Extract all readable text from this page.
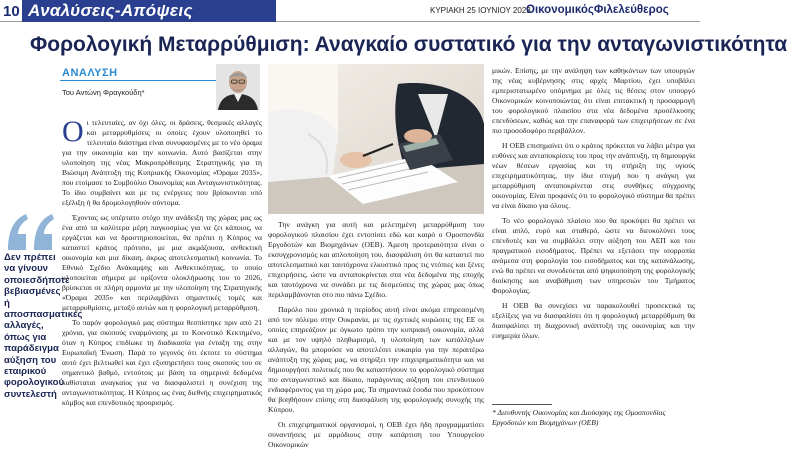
10 Αναλύσεις-Απόψεις	ΚΥΡΙΑΚΗ 25 ΙΟΥΝΙΟΥ 2023
ΟικονομικόςΦιλελεύθερος
Φορολογική Μεταρρύθμιση: Αναγκαίο συστατικό για την ανταγωνιστικότητα
ΑΝΑΛΥΣΗ
Του Αντώνη Φραγκούδη*
Δεν πρέπει να γίνουν οποιεσδήποτε βεβιασμένες ή αποσπασματικές αλλαγές, όπως για παράδειγμα αύξηση του εταιρικού φορολογικού συντελεστή

Οι τελευταίες, αν όχι όλες, οι δράσεις, θεσμικές αλλαγές και μεταρρυθμίσεις οι οποίες έχουν υλοποιηθεί το τελευταίο διάστημα είναι συνυφασμένες με το νέο όραμα για την οικονομία και την κοινωνία. Αυτό βασίζεται στην υλοποίηση της νέας Μακροπρόθεσμης Στρατηγικής για τη Βιώσιμη Ανάπτυξη της Κυπριακής Οικονομίας «Όραμα 2035», που ετοίμασε το Συμβούλιο Οικονομίας και Ανταγωνιστικότητας. Το ίδιο συμβαίνει και με τις ενέργειες που βρίσκονται υπό εξέλιξη ή θα δρομολογηθούν σύντομα.

Έχοντας ως υπέρτατο στόχο την ανάδειξη της χώρας μας ως ένα από τα καλύτερα μέρη παγκοσμίως για να ζει κάποιος, να εργάζεται και να δραστηριοποιείται, θα πρέπει η Κύπρος να καταστεί κράτος πρότυπο, με μια ακμάζουσα, ανθεκτική οικονομία και μια δίκαιη, άκρως αποτελεσματική κοινωνία. Το Εθνικό Σχέδιο Ανάκαμψης και Ανθεκτικότητας, το οποίο υλοποιείται σήμερα με ορίζοντα ολοκλήρωσης του το 2026, βρίσκεται σε πλήρη αρμονία με την υλοποίηση της Στρατηγικής «Όραμα 2035» και περιλαμβάνει σημαντικές τομές και μεταρρυθμίσεις, μεταξύ αυτών και η φορολογική μεταρρύθμιση.

Το παρόν φορολογικό μας σύστημα θεσπίστηκε πριν από 21 χρόνια, για σκοπούς εναρμόνισης με το Κοινοτικό Κεκτημένο, όταν η Κύπρος επιδίωκε τη διαδικασία για ένταξη της στην Ευρωπαϊκή Ένωση. Παρά το γεγονός ότι έκτοτε το σύστημα αυτό έχει βελτιωθεί και έχει εξυπηρετήσει τους σκοπούς του σε σημαντικό βαθμό, εντούτοις με βάση τα σημερινά δεδομένα καθίσταται αναγκαίος για να διασφαλιστεί η συνέχιση της ανταγωνιστικότητας. Η Κύπρος ως ένας διεθνής επιχειρηματικός κόμβος και επενδυτικός προορισμός.

Την ανάγκη για αυτή και μελετημένη μεταρρύθμιση του φορολογικού πλαισίου έχει εντοπίσει εδώ και καιρό ο Ομοσπονδία Εργοδοτών και Βιομηχάνων (ΟΕΒ). Άμεση προτεραιότητα είναι ο εκσυγχρονισμός και απλοποίηση του, διασφάλιση ότι θα καταστεί πιο αποτελεσματικό και ταυτόχρονα ελκυστικό προς τις ντόπιες και ξένες επιχειρήσεις, ώστε να ανταποκρίνεται στα νέα δεδομένα της εποχής και ταυτόχρονα να συνάδει με τις δεσμεύσεις της χώρας μας όπως περιλαμβάνονται στο πιο πάνω Σχέδιο.

Παρόλο που χρονικά η περίοδος αυτή είναι ακόμα επηρεασμένη από τον πόλεμο στην Ουκρανία, με τις σχετικές κυρώσεις της ΕΕ οι οποίες επηρεάζουν με όγκωτο τρόπο την κυπριακή οικονομία, αλλά και με τον υψηλό πληθωρισμό, η υλοποίηση των κατάλληλων αλλαγών, θα μπορούσε να αποτελέσει ευκαιρία για την περαιτέρω ανάπτυξη της χώρας μας, να στηρίξει την επιχειρηματικότητα και να δημιουργήσει πολιτικές που θα καταστήσουν το φορολογικό σύστημα πιο ανταγωνιστικό και δίκαιο, παράγοντας αύξηση του επενδυτικού ενδιαφέροντος για τη χώρα μας. Τα σημαντικά έσοδα που προκύπτουν θα βοηθήσουν επίσης στη διασφάλιση της φορολογικής συνοχής της Κύπρου.

Οι επιχειρηματικοί οργανισμοί, η ΟΕΒ έχει ήδη προγραμματίσει συναντήσεις με αρμόδιους στην κατάρτιση του Υπουργείου Οικονομικών

μικών. Επίσης, με την ανάληψη των καθηκόντων των υπουργών της νέας κυβέρνησης στις αρχές Μαρτίου, έχει υποβάλει εμπεριστατωμένο υπόμνημα με όλες τις θέσεις στον υπουργό Οικονομικών κοινοποιώντας ότι είναι επιτακτική η προσαρμογή του φορολογικού πλαισίου στα νέα δεδομένα προσέλκυσης επενδύσεων, καθώς και την επαναφορά των επιχειρήσεων σε ένα πιο προσοδοφόρο περιβάλλον.

Η ΟΕΒ επισημαίνει ότι ο κράτος πρόκειται να λάβει μέτρα για ευθύνες και ανταποκρίσεις του προς την ανάπτυξη, τη δημιουργία νέων θέσεων εργασίας και τη στήριξη της υγιούς επιχειρηματικότητας, την ίδια στιγμή που η ανάγκη για μεταρρύθμιση ανταποκρίνεται στις συνθήκες σύγχρονης οικονομίας. Είναι προφανές ότι το φορολογικό σύστημα θα πρέπει να είναι δίκαιο για όλους.

Το νέο φορολογικό πλαίσιο που θα προκύψει θα πρέπει να είναι απλό, ευρύ και σταθερό, ώστε να διευκολύνει τους επενδυτές και να συμβάλλει στην αύξηση του ΑΕΠ και του πραγματικού εισοδήματος. Πρέπει να εξετάσει την ισορροπία ανάμεσα στη φορολογία του εισοδήματος και της κατανάλωσης, ενώ θα πρέπει να συνοδεύεται από ψηφιοποίηση της φορολογικής διοίκησης και αναβάθμιση των υπηρεσιών του Τμήματος Φορολογίας.

Η ΟΕΒ θα συνεχίσει να παρακολουθεί προσεκτικά τις εξελίξεις για να διασφαλίσει ότι η φορολογική μεταρρύθμιση θα διασφαλίσει τη διαχρονική ανάπτυξη της οικονομίας και την ευημερία όλων.

* Διευθυντής Οικονομίας και Διοίκησης της Ομοσπονδίας Εργοδοτών και Βιομηχάνων (ΟΕΒ)
